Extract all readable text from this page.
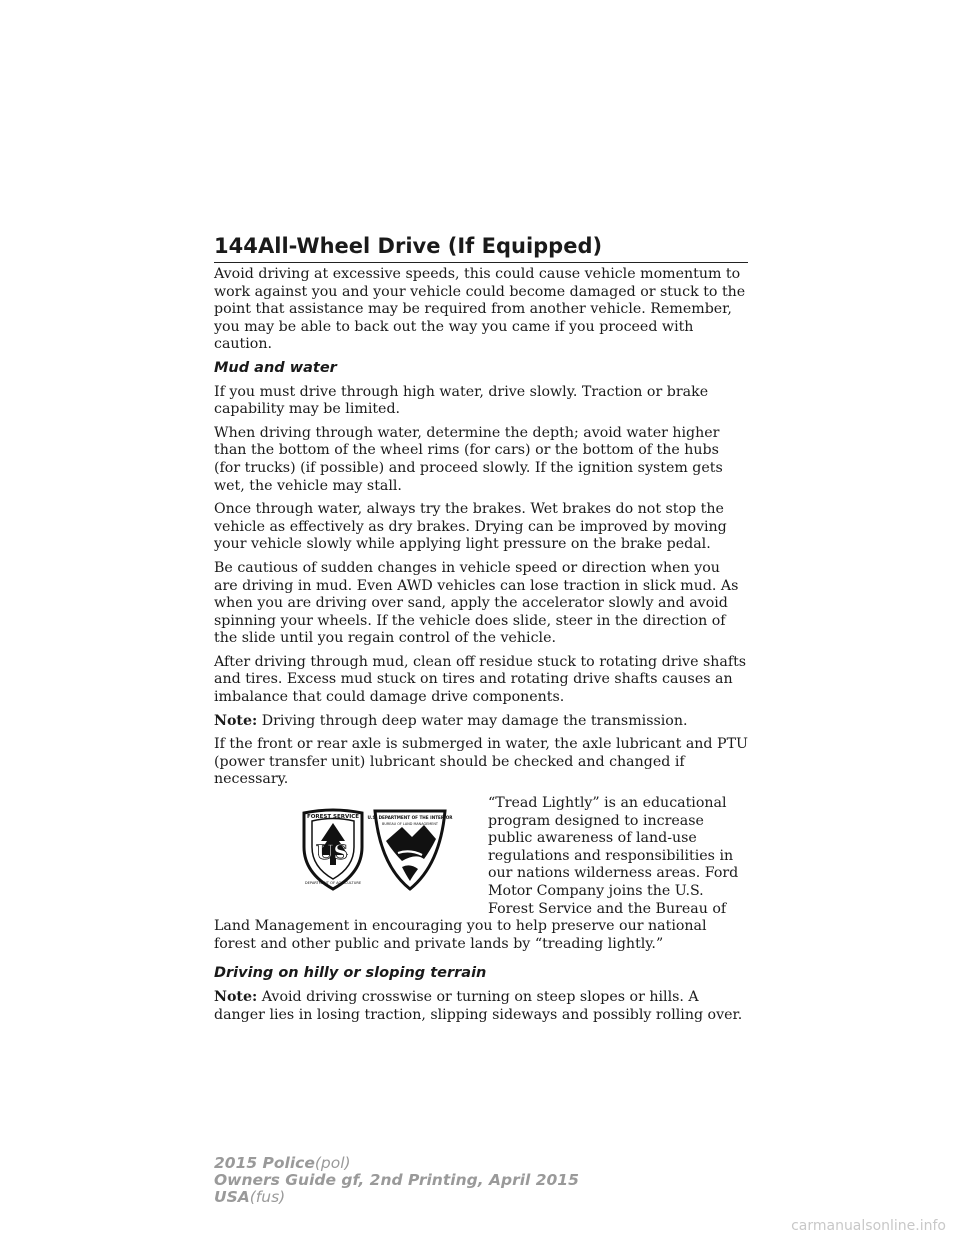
144 All-Wheel Drive (If Equipped)

Avoid driving at excessive speeds, this could cause vehicle momentum to work against you and your vehicle could become damaged or stuck to the point that assistance may be required from another vehicle. Remember, you may be able to back out the way you came if you proceed with caution.

Mud and water

If you must drive through high water, drive slowly. Traction or brake capability may be limited.

When driving through water, determine the depth; avoid water higher than the bottom of the wheel rims (for cars) or the bottom of the hubs (for trucks) (if possible) and proceed slowly. If the ignition system gets wet, the vehicle may stall.

Once through water, always try the brakes. Wet brakes do not stop the vehicle as effectively as dry brakes. Drying can be improved by moving your vehicle slowly while applying light pressure on the brake pedal.

Be cautious of sudden changes in vehicle speed or direction when you are driving in mud. Even AWD vehicles can lose traction in slick mud. As when you are driving over sand, apply the accelerator slowly and avoid spinning your wheels. If the vehicle does slide, steer in the direction of the slide until you regain control of the vehicle.

After driving through mud, clean off residue stuck to rotating drive shafts and tires. Excess mud stuck on tires and rotating drive shafts causes an imbalance that could damage drive components.

Note: Driving through deep water may damage the transmission.

If the front or rear axle is submerged in water, the axle lubricant and PTU (power transfer unit) lubricant should be checked and changed if necessary.

US
FOREST SERVICE
DEPARTMENT OF AGRICULTURE
U.S. DEPARTMENT OF THE INTERIOR
BUREAU OF LAND MANAGEMENT

“Tread Lightly” is an educational program designed to increase public awareness of land-use regulations and responsibilities in our nations wilderness areas. Ford Motor Company joins the U.S. Forest Service and the Bureau of Land Management in encouraging you to help preserve our national forest and other public and private lands by “treading lightly.”

Driving on hilly or sloping terrain

Note: Avoid driving crosswise or turning on steep slopes or hills. A danger lies in losing traction, slipping sideways and possibly rolling over.

2015 Police(pol)
Owners Guide gf, 2nd Printing, April 2015
USA(fus)
carmanualsonline.info
